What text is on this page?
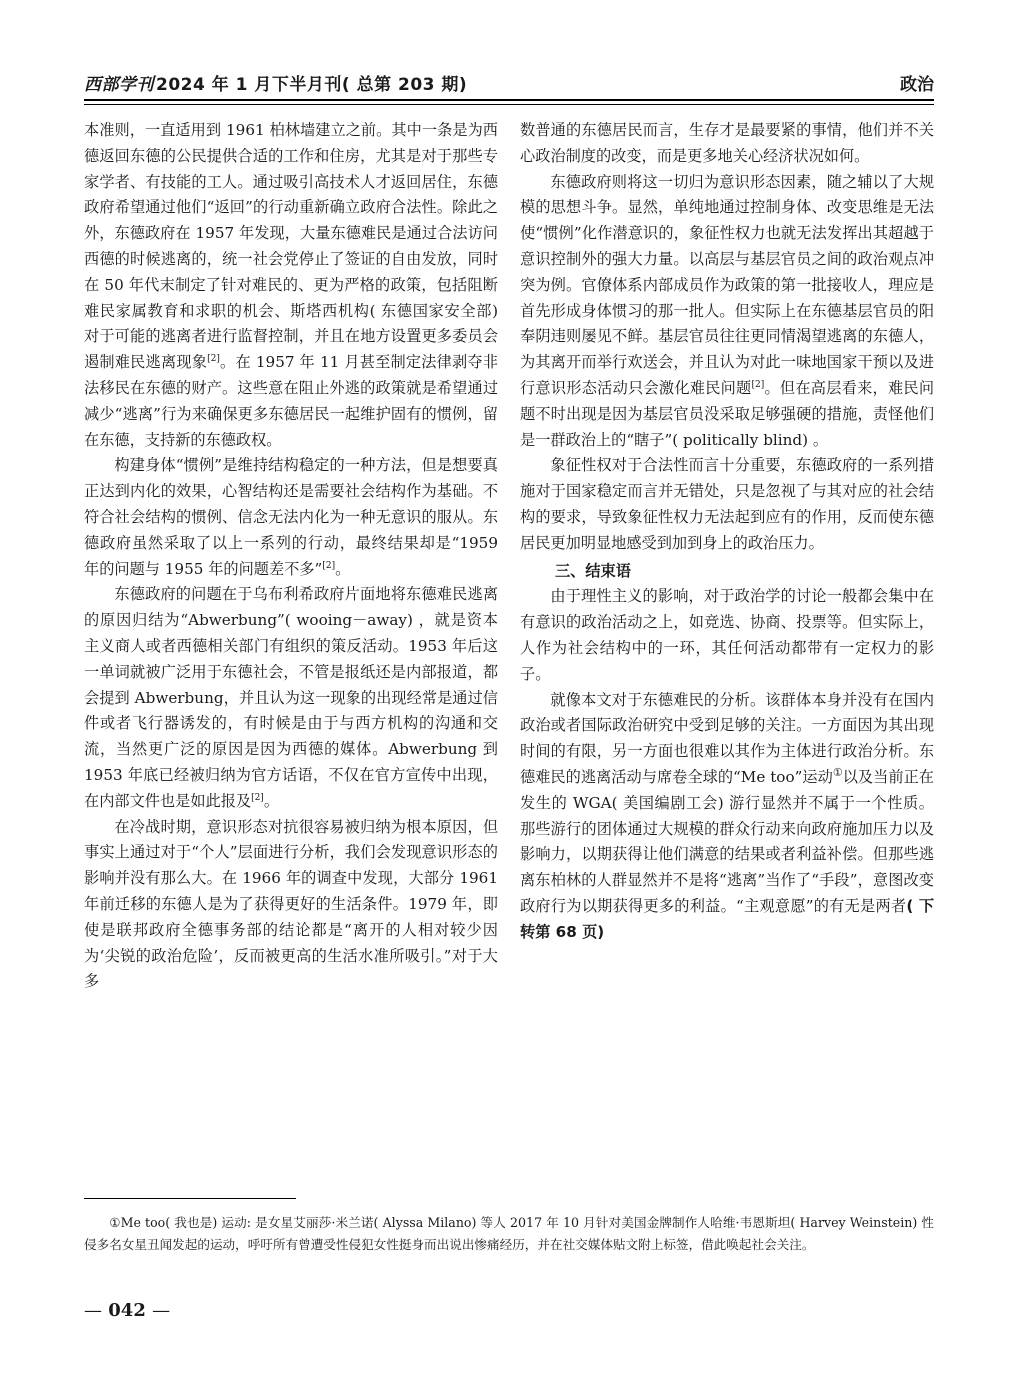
西部学刊 2024 年 1 月下半月刊( 总第 203 期)	政治

本准则，一直适用到 1961 柏林墙建立之前。其中一条是为西德返回东德的公民提供合适的工作和住房，尤其是对于那些专家学者、有技能的工人。通过吸引高技术人才返回居住，东德政府希望通过他们“返回”的行动重新确立政府合法性。除此之外，东德政府在 1957 年发现，大量东德难民是通过合法访问西德的时候逃离的，统一社会党停止了签证的自由发放，同时在 50 年代末制定了针对难民的、更为严格的政策，包括阻断难民家属教育和求职的机会、斯塔西机构( 东德国家安全部) 对于可能的逃离者进行监督控制，并且在地方设置更多委员会遏制难民逃离现象[2]。在 1957 年 11 月甚至制定法律剥夺非法移民在东德的财产。这些意在阻止外逃的政策就是希望通过减少“逃离”行为来确保更多东德居民一起维护固有的惯例，留在东德，支持新的东德政权。

构建身体“惯例”是维持结构稳定的一种方法，但是想要真正达到内化的效果，心智结构还是需要社会结构作为基础。不符合社会结构的惯例、信念无法内化为一种无意识的服从。东德政府虽然采取了以上一系列的行动，最终结果却是“1959 年的问题与 1955 年的问题差不多”[2]。

东德政府的问题在于乌布利希政府片面地将东德难民逃离的原因归结为“Abwerbung”( wooing－away) ，就是资本主义商人或者西德相关部门有组织的策反活动。1953 年后这一单词就被广泛用于东德社会，不管是报纸还是内部报道，都会提到 Abwerbung，并且认为这一现象的出现经常是通过信件或者飞行器诱发的，有时候是由于与西方机构的沟通和交流，当然更广泛的原因是因为西德的媒体。Abwerbung 到 1953 年底已经被归纳为官方话语，不仅在官方宣传中出现，在内部文件也是如此报及[2]。

在冷战时期，意识形态对抗很容易被归纳为根本原因，但事实上通过对于“个人”层面进行分析，我们会发现意识形态的影响并没有那么大。在 1966 年的调查中发现，大部分 1961 年前迁移的东德人是为了获得更好的生活条件。1979 年，即使是联邦政府全德事务部的结论都是“离开的人相对较少因为‘尖锐的政治危险’，反而被更高的生活水准所吸引。”对于大多

数普通的东德居民而言，生存才是最要紧的事情，他们并不关心政治制度的改变，而是更多地关心经济状况如何。

东德政府则将这一切归为意识形态因素，随之辅以了大规模的思想斗争。显然，单纯地通过控制身体、改变思维是无法使“惯例”化作潜意识的，象征性权力也就无法发挥出其超越于意识控制外的强大力量。以高层与基层官员之间的政治观点冲突为例。官僚体系内部成员作为政策的第一批接收人，理应是首先形成身体惯习的那一批人。但实际上在东德基层官员的阳奉阴违则屡见不鲜。基层官员往往更同情渴望逃离的东德人，为其离开而举行欢送会，并且认为对此一味地国家干预以及进行意识形态活动只会激化难民问题[2]。但在高层看来，难民问题不时出现是因为基层官员没采取足够强硬的措施，责怪他们是一群政治上的“瞎子”( politically blind) 。

象征性权对于合法性而言十分重要，东德政府的一系列措施对于国家稳定而言并无错处，只是忽视了与其对应的社会结构的要求，导致象征性权力无法起到应有的作用，反而使东德居民更加明显地感受到加到身上的政治压力。

三、结束语

由于理性主义的影响，对于政治学的讨论一般都会集中在有意识的政治活动之上，如竞选、协商、投票等。但实际上，人作为社会结构中的一环，其任何活动都带有一定权力的影子。

就像本文对于东德难民的分析。该群体本身并没有在国内政治或者国际政治研究中受到足够的关注。一方面因为其出现时间的有限，另一方面也很难以其作为主体进行政治分析。东德难民的逃离活动与席卷全球的“Me too”运动①以及当前正在发生的 WGA( 美国编剧工会) 游行显然并不属于一个性质。那些游行的团体通过大规模的群众行动来向政府施加压力以及影响力，以期获得让他们满意的结果或者利益补偿。但那些逃离东柏林的人群显然并不是将“逃离”当作了“手段”，意图改变政府行为以期获得更多的利益。“主观意愿”的有无是两者( 下转第 68 页)

①Me too( 我也是) 运动: 是女星艾丽莎·米兰诺( Alyssa Milano) 等人 2017 年 10 月针对美国金牌制作人哈维·韦恩斯坦( Harvey Weinstein) 性侵多名女星丑闻发起的运动，呼吁所有曾遭受性侵犯女性挺身而出说出惨痛经历，并在社交媒体贴文附上标签，借此唤起社会关注。
— 042 —
